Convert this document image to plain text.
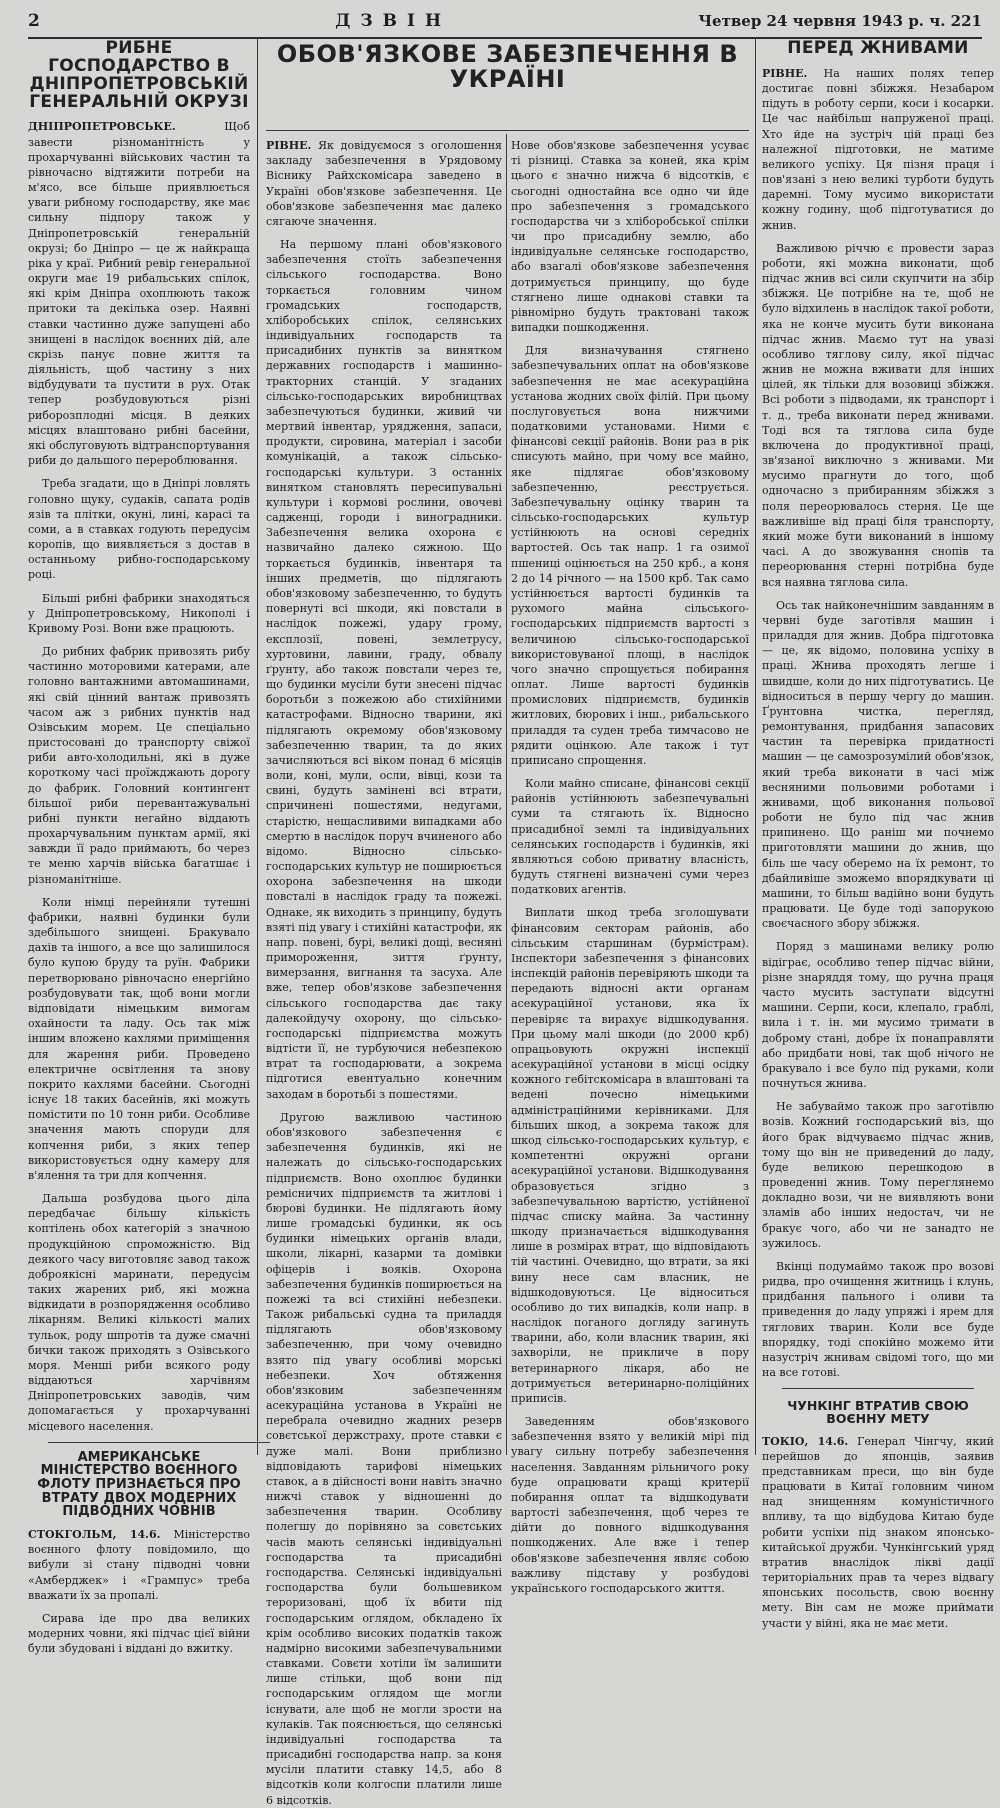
2	ДЗВІН	Четвер 24 червня 1943 р. ч. 221
РИБНЕ ГОСПОДАРСТВО В ДНІПРОПЕТРОВСЬКІЙ ГЕНЕРАЛЬНІЙ ОКРУЗІ

ДНІПРОПЕТРОВСЬКЕ.	Щоб завести різноманітність у прохарчуванні військових частин та рівночасно відтяжити потреби на м'ясо, все більше приявлюється уваги рибному господарству, яке має сильну підпору також у Дніпропетровській генеральній окрузі; бо Дніпро — це ж найкраща ріка у краї. Рибний ревір генеральної округи має 19 рибальських спілок, які крім Дніпра охоплюють також притоки та декілька озер. Наявні ставки частинно дуже запущені або знищені в наслідок воєнних дій, але скрізь панує повне життя та діяльність, щоб частину з них відбудувати та пустити в рух. Отак тепер розбудовуються різні риборозплодні місця. В деяких місцях влаштовано рибні басейни, які обслуговують відтранспортування риби до дальшого перероблювання.

Треба згадати, що в Дніпрі ловлять головно щуку, судаків, сапата родів язів та плітки, окуні, лині, карасі та соми, а в ставках годують передусім коропів, що виявляється з достав в останньому рибно-господарському році.

Більші рибні фабрики знаходяться у Дніпропетровському, Никополі і Кривому Розі. Вони вже працюють.

До рибних фабрик привозять рибу частинно моторовими катерами, але головно вантажними автомашинами, які свій цінний вантаж привозять часом аж з рибних пунктів над Озівським морем. Це спеціально пристосовані до транспорту свіжої риби авто-холодильні, які в дуже короткому часі проїжджають дорогу до фабрик. Головний контингент більшої риби перевантажувальні рибні пункти негайно віддають прохарчувальним пунктам армії, які завжди її радо приймають, бо через те меню харчів війська багатшає і різноманітніше.

Коли німці перейняли тутешні фабрики, наявні будинки були здебільшого знищені. Бракувало дахів та іншого, а все що залишилося було купою бруду та руїн. Фабрики перетворювано рівночасно енергійно розбудовувати так, щоб вони могли відповідати німецьким вимогам охайности та ладу. Ось так між іншим вложено кахлями приміщення для жарення риби. Проведено електричне освітлення та знову покрито кахлями басейни. Сьогодні існує 18 таких басейнів, які можуть помістити по 10 тонн риби. Особливе значення мають споруди для копчення риби, з яких тепер використовується одну камеру для в'ялення та три для копчення.

Дальша розбудова цього діла передбачає більшу кількість коптілень обох категорій з значною продукційною спроможністю. Від деякого часу виготовляє завод також доброякісні маринати, передусім таких жарених риб, які можна відкидати в розпорядження особливо лікарням. Великі кількості малих тульок, роду шпротів та дуже смачні бички також приходять з Озівського моря. Менші риби всякого роду віддаються харчівням Дніпропетровських заводів, чим допомагається у прохарчуванні місцевого населення.

АМЕРИКАНСЬКЕ МІНІСТЕРСТВО ВОЄННОГО ФЛОТУ ПРИЗНАЄТЬСЯ ПРО ВТРАТУ ДВОХ МОДЕРНИХ ПІДВОДНИХ ЧОВНІВ

СТОКГОЛЬМ, 14.6. Міністерство воєнного флоту повідомило, що вибули зі стану підводні човни «Амберджек» і «Грампус» треба вважати їх за пропалі.

Сирава іде про два великих модерних човни, які підчас цієї війни були збудовані і віддані до вжитку.

ОБОВ'ЯЗКОВЕ ЗАБЕЗПЕЧЕННЯ В УКРАЇНІ

РІВНЕ. Як довідуємося з оголошення закладу забезпечення в Урядовому Віснику Райхскомісара заведено в Україні обов'язкове забезпечення. Це обов'язкове забезпечення має далеко сягаюче значення.

На першому плані обов'язкового забезпечення стоїть забезпечення сільського господарства. Воно торкається головним чином громадських господарств, хліборобських спілок, селянських індивідуальних господарств та присадибних пунктів за винятком державних господарств і машинно-тракторних станцій. У згаданих сільсько-господарських виробництвах забезпечуються будинки, живий чи мертвий інвентар, урядження, запаси, продукти, сировина, матеріал і засоби комунікацій, а також сільсько-господарські культури. З останніх винятком становлять пересипувальні культури і кормові рослини, овочеві садженці, городи і виноградники. Забезпечення велика охорона є назвичайно далеко сяжною. Що торкається будинків, інвентаря та інших предметів, що підлягають обов'язковому забезпеченню, то будуть повернуті всі шкоди, які повстали в наслідок пожежі, удару грому, експлозії, повені, землетрусу, хуртовини, лавини, граду, обвалу ґрунту, або також повстали через те, що будинки мусіли бути знесені підчас боротьби з пожежою або стихійними катастрофами. Відносно тварини, які підлягають окремому обов'язковому забезпеченню тварин, та до яких зачисляються всі віком понад 6 місяців воли, коні, мули, осли, вівці, кози та свині, будуть замінені всі втрати, спричинені пошестями, недугами, старістю, нещасливими випадками або смертю в наслідок поруч вчиненого або відомо. Відносно сільсько-господарських культур не поширюється охорона забезпечення на шкоди повсталі в наслідок граду та пожежі. Однаке, як виходить з принципу, будуть взяті під увагу і стихійні катастрофи, як напр. повені, бурі, великі дощі, весняні примороження, зиття ґрунту, вимерзання, вигнання та засуха. Але вже, тепер обов'язкове забезпечення сільського господарства дає таку далекойдучу охорону, що сільсько-господарські підприємства можуть відтісти її, не турбуючися небезпекою втрат та господарювати, а зокрема підготися евентуально конечним заходам в боротьбі з пошестями.

Другою важливою частиною обов'язкового забезпечення є забезпечення будинків, які не належать до сільсько-господарських підприємств. Воно охоплює будинки ремісничих підприємств та житлові і бюрові будинки. Не підлягають йому лише громадські будинки, як ось будинки німецьких органів влади, школи, лікарні, казарми та домівки офіцерів і вояків. Охорона забезпечення будинків поширюється на пожежі та всі стихійні небезпеки. Також рибальські судна та приладдя підлягають обов'язковому забезпеченню, при чому очевидно взято під увагу особливі морські небезпеки. Хоч обтяження обов'язковим забезпеченням асекураційна установа в Україні не перебрала очевидно жадних резерв совєтської держстраху, проте ставки є дуже малі. Вони приблизно відповідають тарифові німецьких ставок, а в дійсності вони навіть значно нижчі ставок у відношенні до забезпечення тварин. Особливу полегшу до порівняно за совєтських часів мають селянські індивідуальні господарства та присадибні господарства. Селянські індивідуальні господарства були большевиком тероризовані, щоб їх вбити під господарським оглядом, обкладено їх крім особливо високих податків також надмірно високими забезпечувальними ставками. Совєти хотіли їм залишити лише стільки, щоб вони під господарським оглядом ще могли існувати, але щоб не могли зрости на кулаків. Так пояснюється, що селянські індивідуальні господарства та присадибні господарства напр. за коня мусіли платити ставку 14,5, або 8 відсотків коли колгоспи платили лише 6 відсотків.

Нове обов'язкове забезпечення усуває ті різниці. Ставка за коней, яка крім цього є значно нижча 6 відсотків, є сьогодні одностайна все одно чи йде про забезпечення з громадського господарства чи з хліборобської спілки чи про присадибну землю, або індивідуальне селянське господарство, або взагалі обов'язкове забезпечення дотримується принципу, що буде стягнено лише однакові ставки та рівномірно будуть трактовані також випадки пошкодження.

Для визначування стягнено забезпечувальних оплат на обов'язкове забезпечення не має асекураційна установа жодних своїх філій. При цьому послуговується вона нижчими податковими установами. Ними є фінансові секції районів. Вони раз в рік списують майно, при чому все майно, яке підлягає обов'язковому забезпеченню, реєструється. Забезпечувальну оцінку тварин та сільсько-господарських культур устійнюють на основі середніх вартостей. Ось так напр. 1 га озимої пшениці оцінюється на 250 крб., а коня 2 до 14 річного — на 1500 крб. Так само устійнюється вартості будинків та рухомого майна сільського-господарських підприємств вартості з величиною сільсько-господарської використовуваної площі, в наслідок чого значно спрощується побирання оплат. Лише вартості будинків промислових підприємств, будинків житлових, бюрових і інш., рибальського приладдя та суден треба тимчасово не рядити оцінкою. Але також і тут приписано спрощення.

Коли майно списане, фінансові секції районів устійнюють забезпечувальні суми та стягають їх. Відносно присадибної землі та індивідуальних селянських господарств і будинків, які являються собою приватну власність, будуть стягнені визначені суми через податкових агентів.

Виплати шкод треба зголошувати фінансовим секторам районів, або сільським старшинам (бурмістрам). Інспектори забезпечення з фінансових інспекцій районів перевіряють шкоди та передають відносні акти органам асекураційної установи, яка їх перевіряє та вирахує відшкодування. При цьому малі шкоди (до 2000 крб) опрацьовують окружні інспекції асекураційної установи в місці осідку кожного гебітскомісара в влаштовані та ведені почесно німецькими адміністраційними керівниками. Для більших шкод, а зокрема також для шкод сільсько-господарських культур, є компетентні окружні органи асекураційної установи. Відшкодування образовується згідно з забезпечувальною вартістю, устійненої підчас списку майна. За частинну шкоду призначається відшкодування лише в розмірах втрат, що відповідають тій частині. Очевидно, що втрати, за які вину несе сам власник, не відшкодовуються. Це відноситься особливо до тих випадків, коли напр. в наслідок поганого догляду загинуть тварини, або, коли власник тварин, які захворіли, не прикличе в пору ветеринарного лікаря, або не дотримується ветеринарно-поліційних приписів.

Заведенням обов'язкового забезпечення взято у великій мірі під увагу сильну потребу забезпечення населення. Завданням рільничого року буде опрацювати кращі критерії побирання оплат та відшкодувати вартості забезпечення, щоб через те дійти до повного відшкодування пошкоджених. Але вже і тепер обов'язкове забезпечення являє собою важливу підставу у розбудові українського господарського життя.

ПЕРЕД ЖНИВАМИ

РІВНЕ. На наших полях тепер достигає повні збіжжя. Незабаром підуть в роботу серпи, коси і косарки. Це час найбільш напруженої праці. Хто йде на зустріч цій праці без належної підготовки, не матиме великого успіху. Ця пізня праця і пов'язані з нею великі турботи будуть даремні. Тому мусимо використати кожну годину, щоб підготуватися до жнив.

Важливою річчю є провести зараз роботи, які можна виконати, щоб підчас жнив всі сили скупчити на збір збіжжя. Це потрібне на те, щоб не було відхилень в наслідок такої роботи, яка не конче мусить бути виконана підчас жнив. Маємо тут на увазі особливо тяглову силу, якої підчас жнив не можна вживати для інших цілей, як тільки для возовиці збіжжя. Всі роботи з підводами, як транспорт і т. д., треба виконати перед жнивами. Тоді вся та тяглова сила буде включена до продуктивної праці, зв'язаної виключно з жнивами. Ми мусимо прагнути до того, щоб одночасно з прибиранням збіжжя з поля переорювалось стерня. Це ще важливіше від праці біля транспорту, який може бути виконаний в іншому часі. А до звожування снопів та переорювання стерні потрібна буде вся наявна тяглова сила.

Ось так найконечнішим завданням в червні буде заготівля машин і приладдя для жнив. Добра підготовка — це, як відомо, половина успіху в праці. Жнива проходять легше і швидше, коли до них підготуватись. Це відноситься в першу чергу до машин. Ґрунтовна чистка, перегляд, ремонтування, придбання запасових частин та перевірка придатності машин — це самозрозумілий обов'язок, який треба виконати в часі між весняними польовими роботами і жнивами, щоб виконання польової роботи не було під час жнив припинено. Що раніш ми почнемо приготовляти машини до жнив, що біль ше часу оберемо на їх ремонт, то дбайливіше зможемо впорядкувати ці машини, то більш вадійно вони будуть працювати. Це буде тоді запорукою своєчасного збору збіжжя.

Поряд з машинами велику ролю відіграє, особливо тепер підчас війни, різне знаряддя тому, що ручна праця часто мусить заступати відсутні машини. Серпи, коси, клепало, граблі, вила і т. ін. ми мусимо тримати в доброму стані, добре їх понаправляти або придбати нові, так щоб нічого не бракувало і все було під руками, коли почнуться жнива.

Не забуваймо також про заготівлю возів. Кожний господарський віз, що його брак відчуваємо підчас жнив, тому що він не приведений до ладу, буде великою перешкодою в проведенні жнив. Тому переглянемо докладно вози, чи не виявляють вони зламів або інших недостач, чи не бракує чого, або чи не занадто не зужилось.

Вкінці подумаймо також про возові ридва, про очищення житниць і клунь, придбання пального і оливи та приведення до ладу упряжі і ярем для тяглових тварин. Коли все буде впорядку, тоді спокійно можемо йти назустріч жнивам свідомі того, що ми на все готові.

ЧУНКІНГ ВТРАТИВ СВОЮ ВОЄННУ МЕТУ

ТОКІО, 14.6. Генерал Чінгчу, який перейшов до японців, заявив представникам преси, що він буде працювати в Китаї головним чином над знищенням комуністичного впливу, та що відбудова Китаю буде робити успіхи під знаком японсько-китайської дружби. Чункінгський уряд втратив внаслідок лікві дації територіальних прав та через відвагу японських посольств, свою воєнну мету. Він сам не може приймати участи у війні, яка не має мети.
